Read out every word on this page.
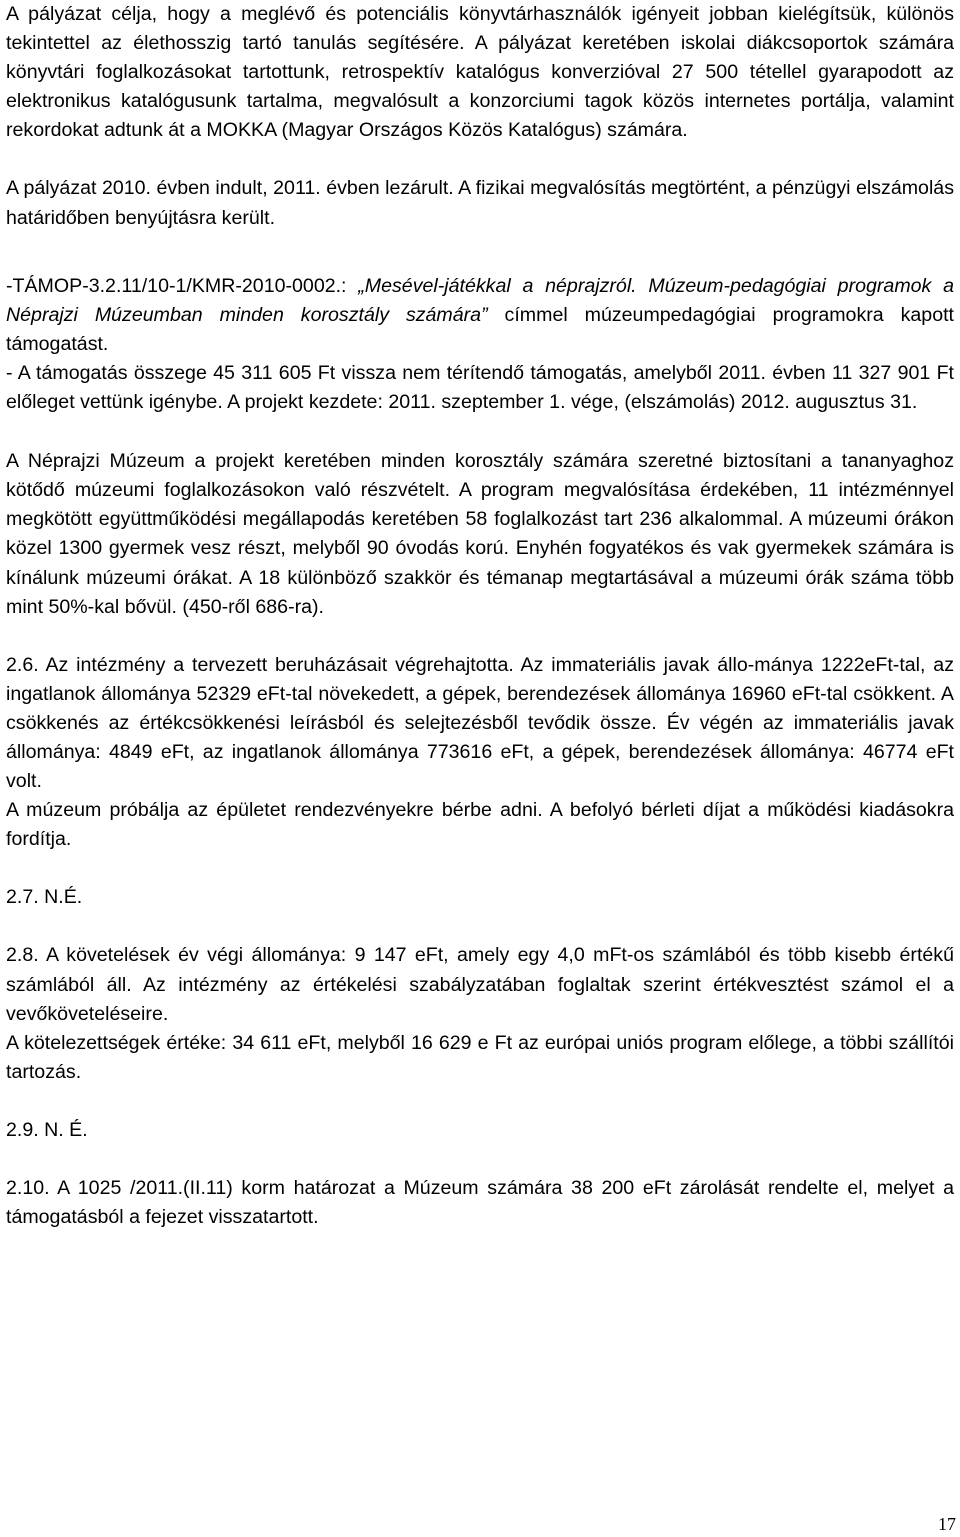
A pályázat célja, hogy a meglévő és potenciális könyvtárhasználók igényeit jobban kielégítsük, különös tekintettel az élethosszig tartó tanulás segítésére. A pályázat keretében iskolai diákcsoportok számára könyvtári foglalkozásokat tartottunk, retrospektív katalógus konverzióval 27 500 tétellel gyarapodott az elektronikus katalógusunk tartalma, megvalósult a konzorciumi tagok közös internetes portálja, valamint rekordokat adtunk át a MOKKA (Magyar Országos Közös Katalógus) számára.

A pályázat 2010. évben indult, 2011. évben lezárult. A fizikai megvalósítás megtörtént, a pénzügyi elszámolás határidőben benyújtásra került.

-TÁMOP-3.2.11/10-1/KMR-2010-0002.: „Mesével-játékkal a néprajzról. Múzeum-pedagógiai programok a Néprajzi Múzeumban minden korosztály számára” címmel múzeumpedagógiai programokra kapott támogatást.

- A támogatás összege 45 311 605 Ft vissza nem térítendő támogatás, amelyből 2011. évben 11 327 901 Ft előleget vettünk igénybe. A projekt kezdete: 2011. szeptember 1. vége, (elszámolás) 2012. augusztus 31.

A Néprajzi Múzeum a projekt keretében minden korosztály számára szeretné biztosítani a tananyaghoz kötődő múzeumi foglalkozásokon való részvételt. A program megvalósítása érdekében, 11 intézménnyel megkötött együttműködési megállapodás keretében 58 foglalkozást tart 236 alkalommal. A múzeumi órákon közel 1300 gyermek vesz részt, melyből 90 óvodás korú. Enyhén fogyatékos és vak gyermekek számára is kínálunk múzeumi órákat. A 18 különböző szakkör és témanap megtartásával a múzeumi órák száma több mint 50%-kal bővül. (450-ről 686-ra).

2.6. Az intézmény a tervezett beruházásait végrehajtotta. Az immateriális javak állo-mánya 1222eFt-tal, az ingatlanok állománya 52329 eFt-tal növekedett, a gépek, berendezések állománya 16960 eFt-tal csökkent. A csökkenés az értékcsökkenési leírásból és selejtezésből tevődik össze. Év végén az immateriális javak állománya: 4849 eFt, az ingatlanok állománya 773616 eFt, a gépek, berendezések állománya: 46774 eFt volt.

A múzeum próbálja az épületet rendezvényekre bérbe adni. A befolyó bérleti díjat a működési kiadásokra fordítja.

2.7. N.É.

2.8. A követelések év végi állománya: 9 147 eFt, amely egy 4,0 mFt-os számlából és több kisebb értékű számlából áll. Az intézmény az értékelési szabályzatában foglaltak szerint értékvesztést számol el a vevőköveteléseire.

A kötelezettségek értéke: 34 611 eFt, melyből 16 629 e Ft az európai uniós program előlege, a többi szállítói tartozás.

2.9. N. É.

2.10. A 1025 /2011.(II.11) korm határozat a Múzeum számára 38 200 eFt zárolását rendelte el, melyet a támogatásból a fejezet visszatartott.

17
